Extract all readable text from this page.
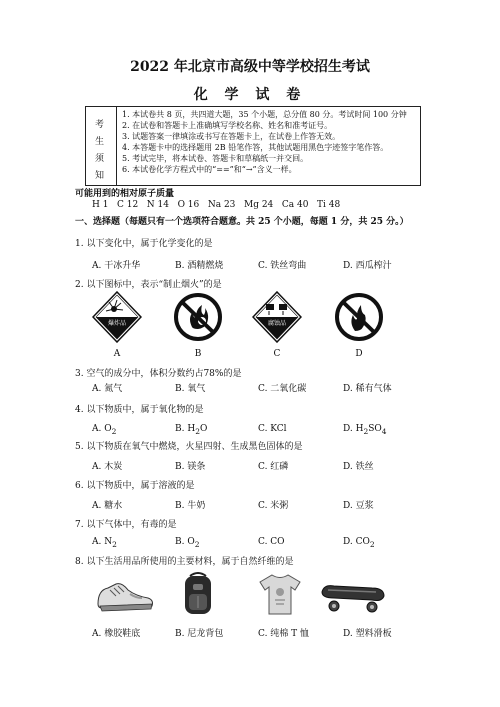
2022 年北京市高级中等学校招生考试
化 学 试 卷
考
生
须
知
1. 本试卷共 8 页，共四道大题，35 个小题，总分值 80 分。考试时间 100 分钟
2. 在试卷和答题卡上准确填写学校名称、姓名和准考证号。
3. 试题答案一律填涂或书写在答题卡上，在试卷上作答无效。
4. 本答题卡中的选择题用 2B 铅笔作答，其他试题用黑色字迹签字笔作答。
5. 考试完毕，将本试卷、答题卡和草稿纸一并交回。
6. 本试卷化学方程式中的“==”和“→”含义一样。
可能用到的相对原子质量
H 1   C 12   N 14   O 16   Na 23   Mg 24   Ca 40   Ti 48
一、选择题（每题只有一个选项符合题意。共 25 个小题，每题 1 分，共 25 分。）
1. 以下变化中，属于化学变化的是
A. 干冰升华	B. 酒精燃烧	C. 铁丝弯曲	D. 西瓜榨汁
2. 以下图标中，表示“制止烟火”的是
爆炸品	腐蚀品
A	B	C	D
3. 空气的成分中，体积分数约占78%的是
A. 氮气	B. 氧气	C. 二氧化碳	D. 稀有气体
4. 以下物质中，属于氧化物的是
A. $O_2$	B. $H_2O$	C. KCl	D. $H_2SO_4$
5. 以下物质在氧气中燃烧，火星四射、生成黑色固体的是
A. 木炭	B. 镁条	C. 红磷	D. 铁丝
6. 以下物质中，属于溶液的是
A. 糖水	B. 牛奶	C. 米粥	D. 豆浆
7. 以下气体中，有毒的是
A. $N_2$	B. $O_2$	C. CO	D. $CO_2$
8. 以下生活用品所使用的主要材料，属于自然纤维的是
A. 橡胶鞋底	B. 尼龙背包	C. 纯棉 T 恤	D. 塑料滑板
